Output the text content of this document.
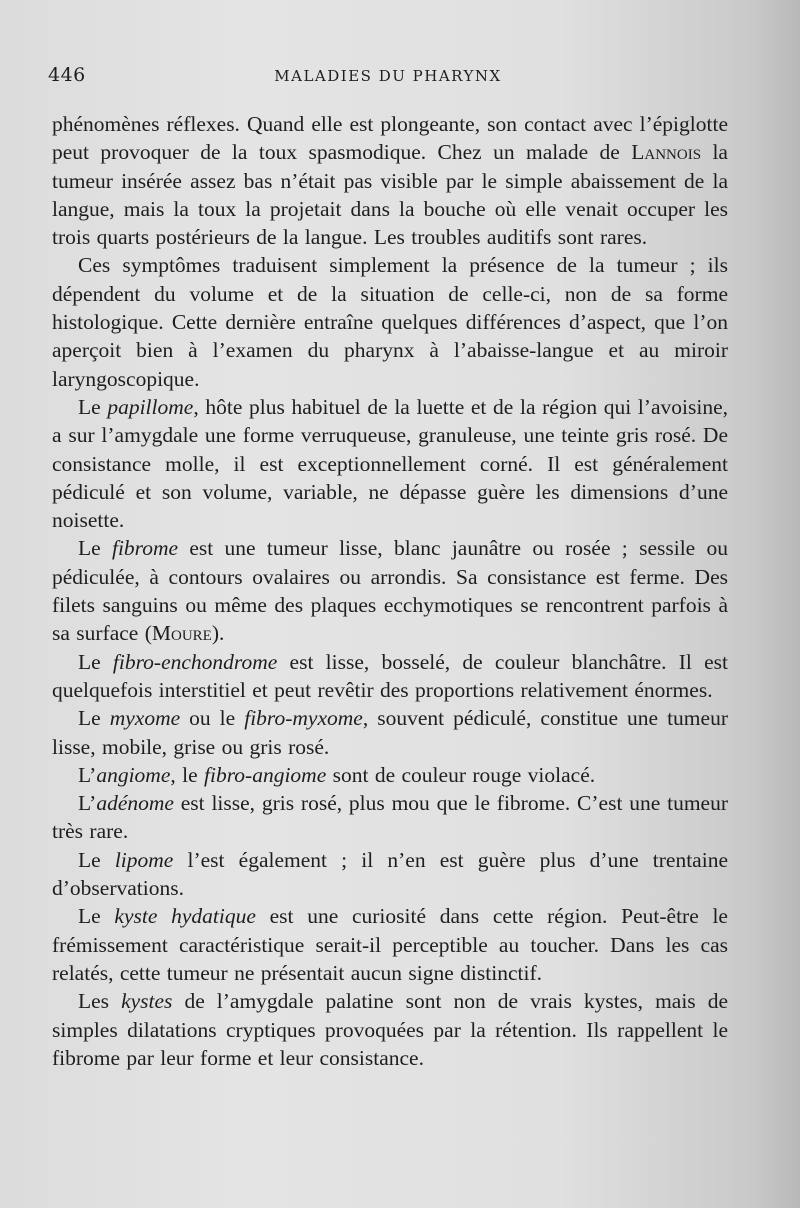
446	MALADIES DU PHARYNX

phénomènes réflexes. Quand elle est plongeante, son contact avec l’épiglotte peut provoquer de la toux spasmodique. Chez un malade de Lannois la tumeur insérée assez bas n’était pas visible par le simple abaissement de la langue, mais la toux la projetait dans la bouche où elle venait occuper les trois quarts postérieurs de la langue. Les troubles auditifs sont rares.

Ces symptômes traduisent simplement la présence de la tumeur ; ils dépendent du volume et de la situation de celle-ci, non de sa forme histologique. Cette dernière entraîne quelques différences d’aspect, que l’on aperçoit bien à l’examen du pharynx à l’abaisse-langue et au miroir laryngoscopique.

Le papillome, hôte plus habituel de la luette et de la région qui l’avoisine, a sur l’amygdale une forme verruqueuse, granuleuse, une teinte gris rosé. De consistance molle, il est exceptionnellement corné. Il est généralement pédiculé et son volume, variable, ne dépasse guère les dimensions d’une noisette.

Le fibrome est une tumeur lisse, blanc jaunâtre ou rosée ; sessile ou pédiculée, à contours ovalaires ou arrondis. Sa consistance est ferme. Des filets sanguins ou même des plaques ecchymotiques se rencontrent parfois à sa surface (Moure).

Le fibro-enchondrome est lisse, bosselé, de couleur blanchâtre. Il est quelquefois interstitiel et peut revêtir des proportions relativement énormes.

Le myxome ou le fibro-myxome, souvent pédiculé, constitue une tumeur lisse, mobile, grise ou gris rosé.

L’angiome, le fibro-angiome sont de couleur rouge violacé.

L’adénome est lisse, gris rosé, plus mou que le fibrome. C’est une tumeur très rare.

Le lipome l’est également ; il n’en est guère plus d’une trentaine d’observations.

Le kyste hydatique est une curiosité dans cette région. Peut-être le frémissement caractéristique serait-il perceptible au toucher. Dans les cas relatés, cette tumeur ne présentait aucun signe distinctif.

Les kystes de l’amygdale palatine sont non de vrais kystes, mais de simples dilatations cryptiques provoquées par la rétention. Ils rappellent le fibrome par leur forme et leur consistance.
